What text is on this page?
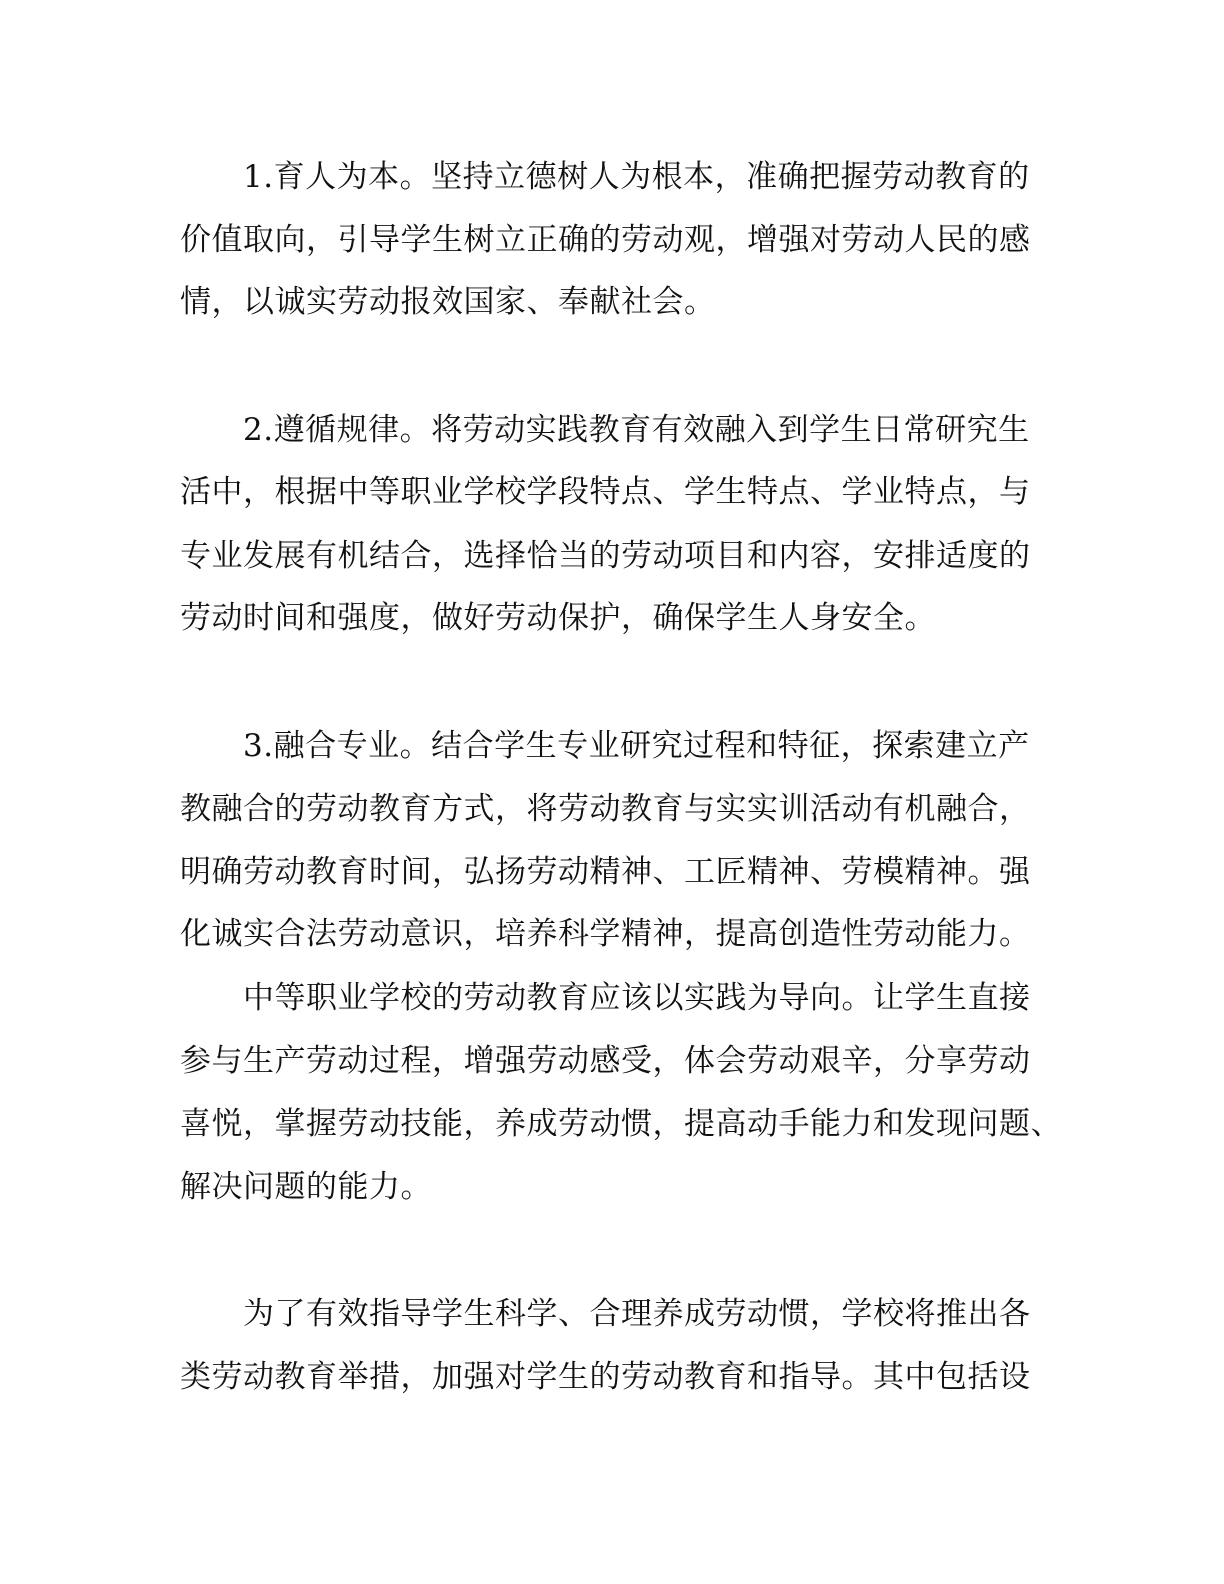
1.育人为本。坚持立德树人为根本，准确把握劳动教育的
价值取向，引导学生树立正确的劳动观，增强对劳动人民的感
情，以诚实劳动报效国家、奉献社会。
2.遵循规律。将劳动实践教育有效融入到学生日常研究生
活中，根据中等职业学校学段特点、学生特点、学业特点，与
专业发展有机结合，选择恰当的劳动项目和内容，安排适度的
劳动时间和强度，做好劳动保护，确保学生人身安全。
3.融合专业。结合学生专业研究过程和特征，探索建立产
教融合的劳动教育方式，将劳动教育与实实训活动有机融合，
明确劳动教育时间，弘扬劳动精神、工匠精神、劳模精神。强
化诚实合法劳动意识，培养科学精神，提高创造性劳动能力。
中等职业学校的劳动教育应该以实践为导向。让学生直接
参与生产劳动过程，增强劳动感受，体会劳动艰辛，分享劳动
喜悦，掌握劳动技能，养成劳动惯，提高动手能力和发现问题、
解决问题的能力。
为了有效指导学生科学、合理养成劳动惯，学校将推出各
类劳动教育举措，加强对学生的劳动教育和指导。其中包括设
